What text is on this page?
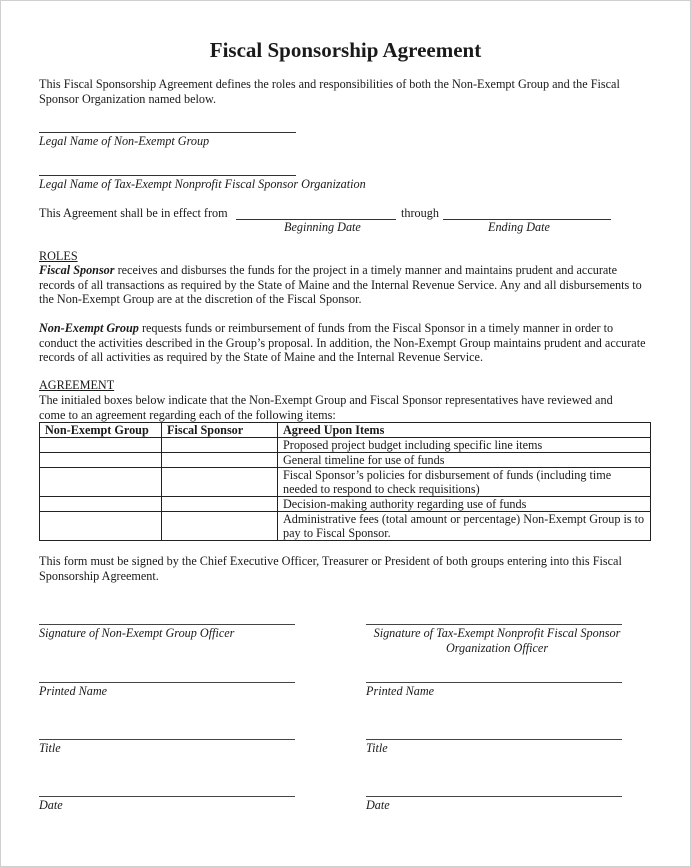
Fiscal Sponsorship Agreement
This Fiscal Sponsorship Agreement defines the roles and responsibilities of both the Non-Exempt Group and the Fiscal Sponsor Organization named below.
Legal Name of Non-Exempt Group
Legal Name of Tax-Exempt Nonprofit Fiscal Sponsor Organization
This Agreement shall be in effect from	through
Beginning Date	Ending Date
ROLES
Fiscal Sponsor receives and disburses the funds for the project in a timely manner and maintains prudent and accurate records of all transactions as required by the State of Maine and the Internal Revenue Service. Any and all disbursements to the Non-Exempt Group are at the discretion of the Fiscal Sponsor.
Non-Exempt Group requests funds or reimbursement of funds from the Fiscal Sponsor in a timely manner in order to conduct the activities described in the Group’s proposal. In addition, the Non-Exempt Group maintains prudent and accurate records of all activities as required by the State of Maine and the Internal Revenue Service.
AGREEMENT
The initialed boxes below indicate that the Non-Exempt Group and Fiscal Sponsor representatives have reviewed and come to an agreement regarding each of the following items:
Non-Exempt Group	Fiscal Sponsor	Agreed Upon Items
		Proposed project budget including specific line items
		General timeline for use of funds
		Fiscal Sponsor’s policies for disbursement of funds (including time needed to respond to check requisitions)
		Decision-making authority regarding use of funds
		Administrative fees (total amount or percentage) Non-Exempt Group is to pay to Fiscal Sponsor.
This form must be signed by the Chief Executive Officer, Treasurer or President of both groups entering into this Fiscal Sponsorship Agreement.
Signature of Non-Exempt Group Officer
Printed Name
Title
Date
Signature of Tax-Exempt Nonprofit Fiscal Sponsor
Organization Officer
Printed Name
Title
Date
